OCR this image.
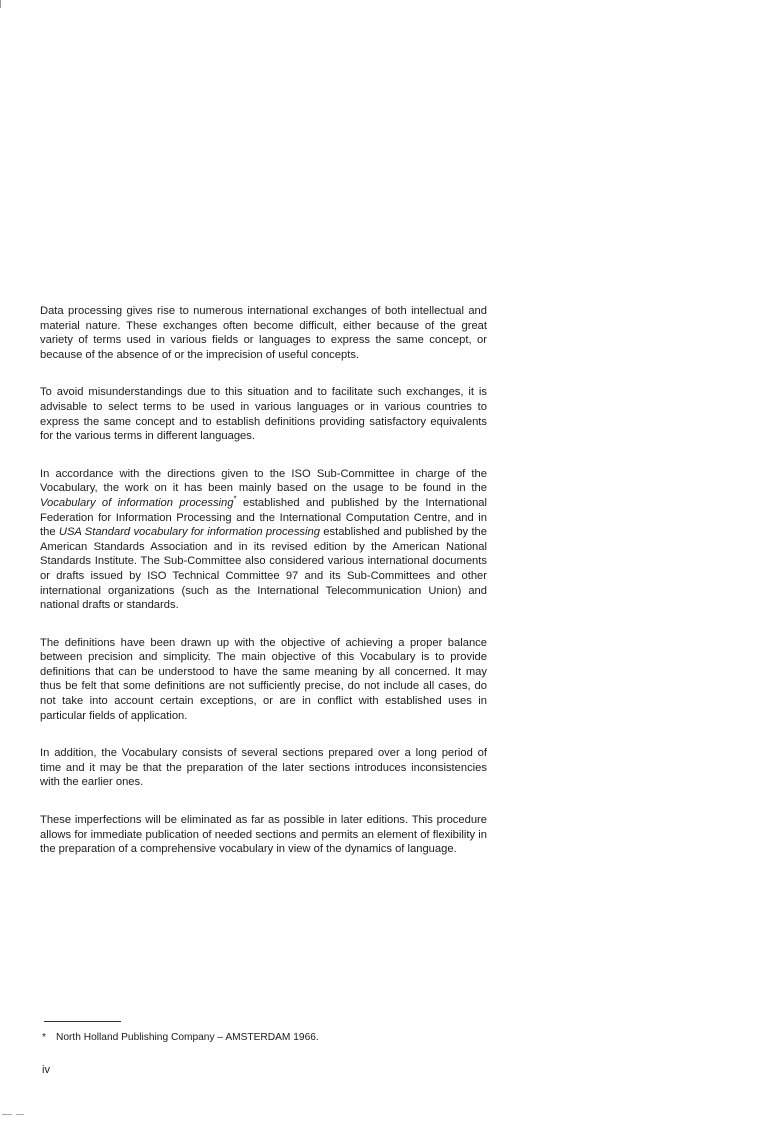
Data processing gives rise to numerous international exchanges of both intellectual and material nature. These exchanges often become difficult, either because of the great variety of terms used in various fields or languages to express the same concept, or because of the absence of or the imprecision of useful concepts.

To avoid misunderstandings due to this situation and to facilitate such exchanges, it is advisable to select terms to be used in various languages or in various countries to express the same concept and to establish definitions providing satisfactory equivalents for the various terms in different languages.

In accordance with the directions given to the ISO Sub-Committee in charge of the Vocabulary, the work on it has been mainly based on the usage to be found in the Vocabulary of information processing* established and published by the International Federation for Information Processing and the International Computation Centre, and in the USA Standard vocabulary for information processing established and published by the American Standards Association and in its revised edition by the American National Standards Institute. The Sub-Committee also considered various international documents or drafts issued by ISO Technical Committee 97 and its Sub-Committees and other international organizations (such as the International Telecommunication Union) and national drafts or standards.

The definitions have been drawn up with the objective of achieving a proper balance between precision and simplicity. The main objective of this Vocabulary is to provide definitions that can be understood to have the same meaning by all concerned. It may thus be felt that some definitions are not sufficiently precise, do not include all cases, do not take into account certain exceptions, or are in conflict with established uses in particular fields of application.

In addition, the Vocabulary consists of several sections prepared over a long period of time and it may be that the preparation of the later sections introduces inconsistencies with the earlier ones.

These imperfections will be eliminated as far as possible in later editions. This procedure allows for immediate publication of needed sections and permits an element of flexibility in the preparation of a comprehensive vocabulary in view of the dynamics of language.

* North Holland Publishing Company – AMSTERDAM 1966.
iv
